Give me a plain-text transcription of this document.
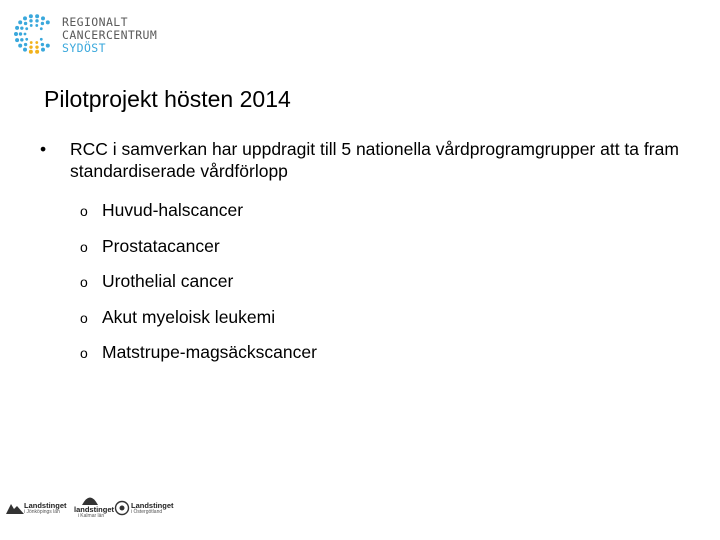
REGIONALT
CANCERCENTRUM
SYDÖST
Pilotprojekt hösten 2014
• RCC i samverkan har uppdragit till 5 nationella vårdprogramgrupper att ta fram standardiserade vårdförlopp
o Huvud-halscancer
o Prostatacancer
o Urothelial cancer
o Akut myeloisk leukemi
o Matstrupe-magsäckscancer
Landstinget
i Jönköpings län	landstinget
i Kalmar län
Landstinget
i Östergötland
